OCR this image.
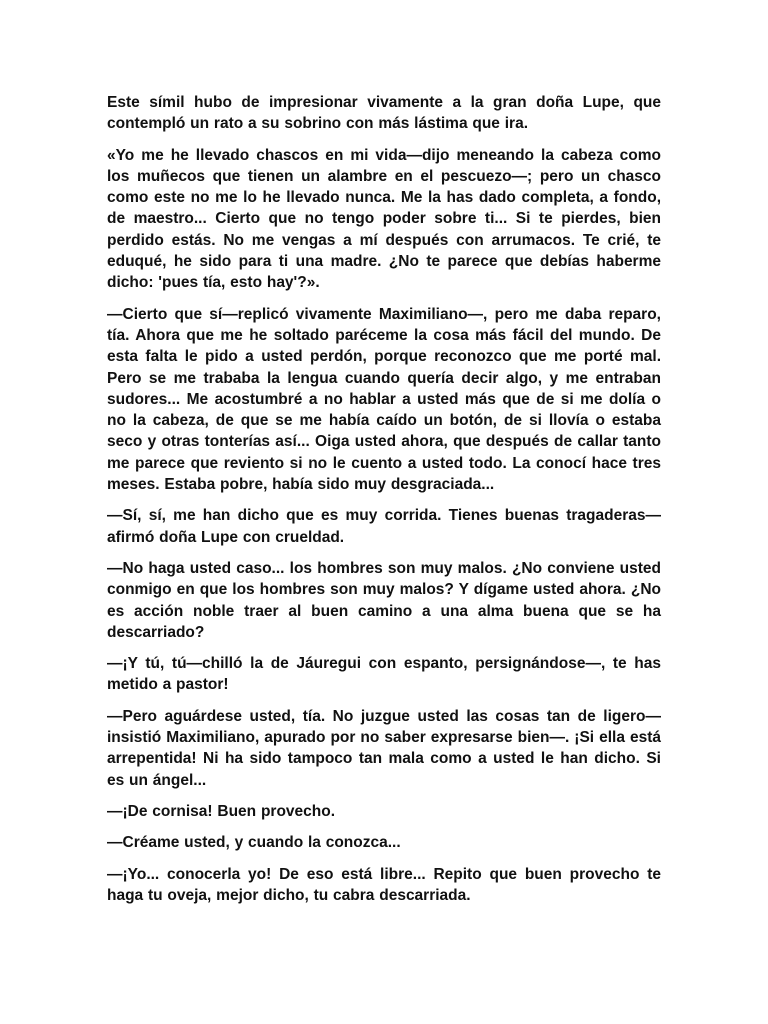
Este símil hubo de impresionar vivamente a la gran doña Lupe, que contempló un rato a su sobrino con más lástima que ira.

«Yo me he llevado chascos en mi vida—dijo meneando la cabeza como los muñecos que tienen un alambre en el pescuezo—; pero un chasco como este no me lo he llevado nunca. Me la has dado completa, a fondo, de maestro... Cierto que no tengo poder sobre ti... Si te pierdes, bien perdido estás. No me vengas a mí después con arrumacos. Te crié, te eduqué, he sido para ti una madre. ¿No te parece que debías haberme dicho: 'pues tía, esto hay'?».

—Cierto que sí—replicó vivamente Maximiliano—, pero me daba reparo, tía. Ahora que me he soltado paréceme la cosa más fácil del mundo. De esta falta le pido a usted perdón, porque reconozco que me porté mal. Pero se me trababa la lengua cuando quería decir algo, y me entraban sudores... Me acostumbré a no hablar a usted más que de si me dolía o no la cabeza, de que se me había caído un botón, de si llovía o estaba seco y otras tonterías así... Oiga usted ahora, que después de callar tanto me parece que reviento si no le cuento a usted todo. La conocí hace tres meses. Estaba pobre, había sido muy desgraciada...

—Sí, sí, me han dicho que es muy corrida. Tienes buenas tragaderas—afirmó doña Lupe con crueldad.

—No haga usted caso... los hombres son muy malos. ¿No conviene usted conmigo en que los hombres son muy malos? Y dígame usted ahora. ¿No es acción noble traer al buen camino a una alma buena que se ha descarriado?

—¡Y tú, tú—chilló la de Jáuregui con espanto, persignándose—, te has metido a pastor!

—Pero aguárdese usted, tía. No juzgue usted las cosas tan de ligero—insistió Maximiliano, apurado por no saber expresarse bien—. ¡Si ella está arrepentida! Ni ha sido tampoco tan mala como a usted le han dicho. Si es un ángel...

—¡De cornisa! Buen provecho.

—Créame usted, y cuando la conozca...

—¡Yo... conocerla yo! De eso está libre... Repito que buen provecho te haga tu oveja, mejor dicho, tu cabra descarriada.
